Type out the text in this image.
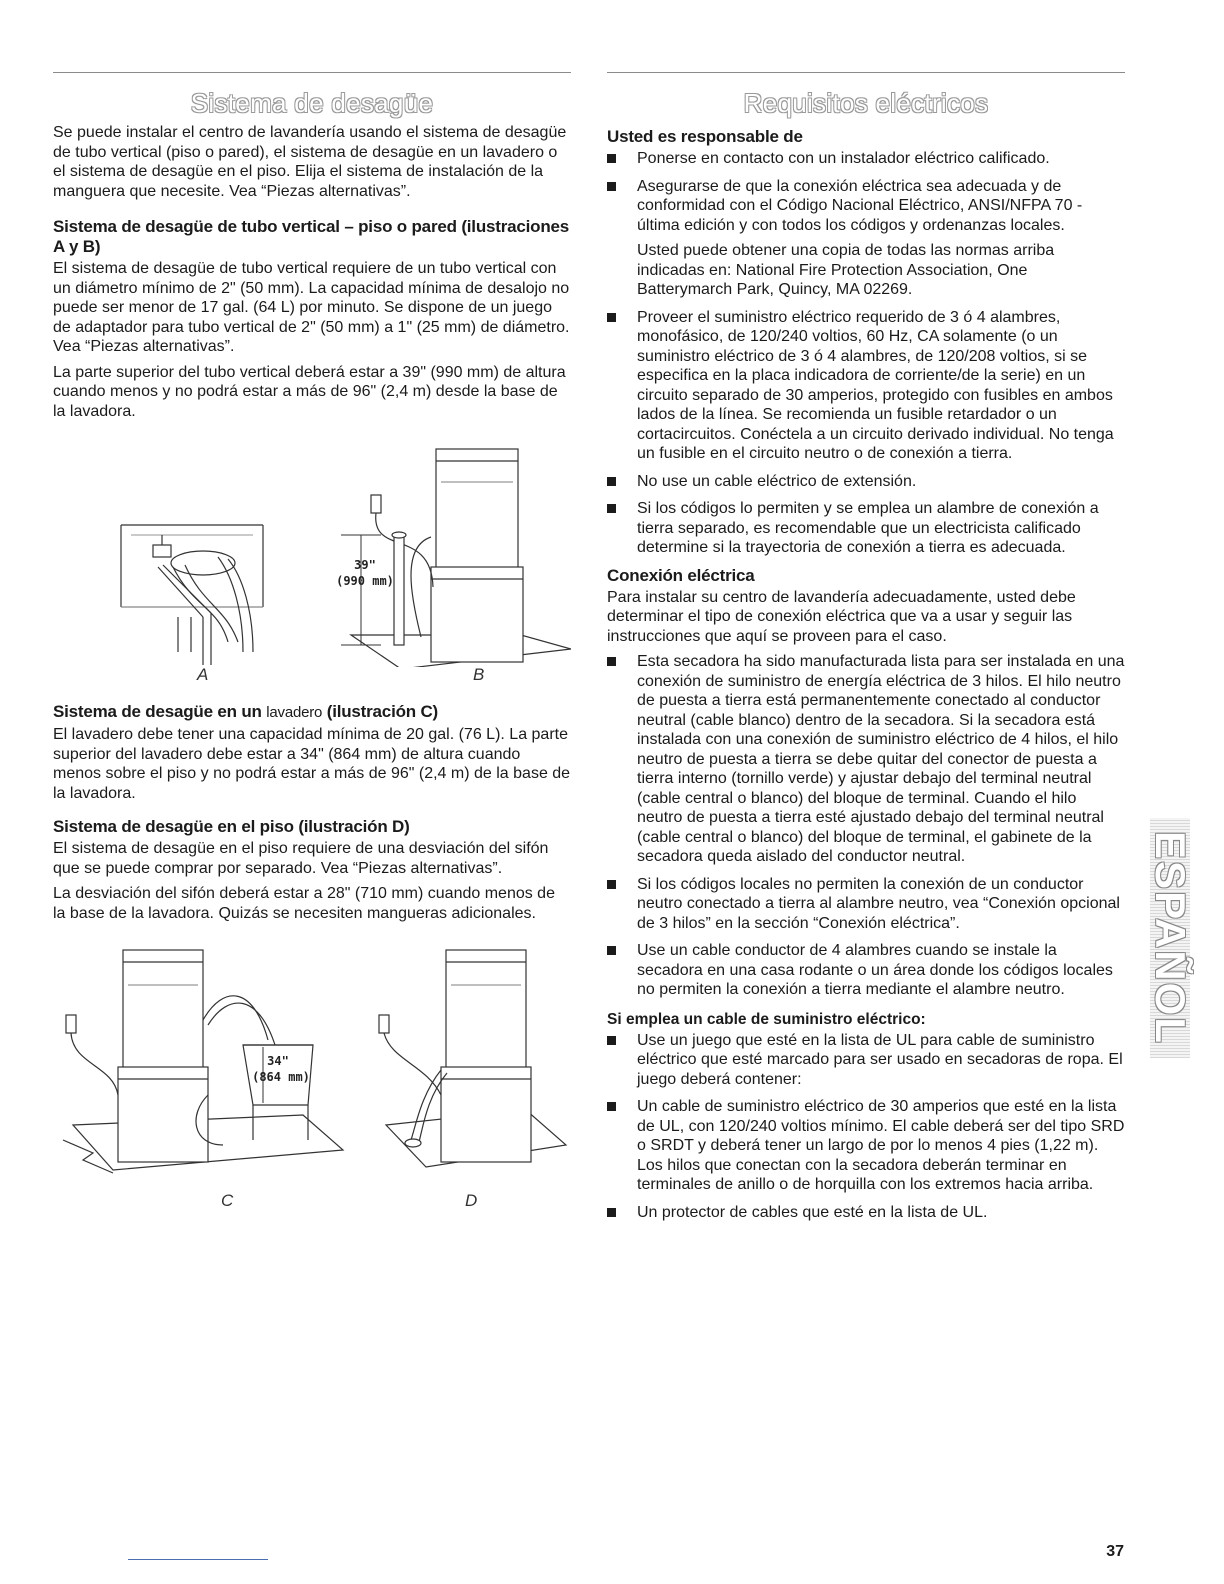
Sistema de desagüe

Se puede instalar el centro de lavandería usando el sistema de desagüe de tubo vertical (piso o pared), el sistema de desagüe en un lavadero o el sistema de desagüe en el piso. Elija el sistema de instalación de la manguera que necesite. Vea “Piezas alternativas”.

Sistema de desagüe de tubo vertical – piso o pared (ilustraciones A y B)

El sistema de desagüe de tubo vertical requiere de un tubo vertical con un diámetro mínimo de 2" (50 mm). La capacidad mínima de desalojo no puede ser menor de 17 gal. (64 L) por minuto. Se dispone de un juego de adaptador para tubo vertical de 2" (50 mm) a 1" (25 mm) de diámetro. Vea “Piezas alternativas”.

La parte superior del tubo vertical deberá estar a 39" (990 mm) de altura cuando menos y no podrá estar a más de 96" (2,4 m) desde la base de la lavadora.

A
39"
(990 mm)
B
Sistema de desagüe en un lavadero (ilustración C)

El lavadero debe tener una capacidad mínima de 20 gal. (76 L). La parte superior del lavadero debe estar a 34" (864 mm) de altura cuando menos sobre el piso y no podrá estar a más de 96" (2,4 m) de la base de la lavadora.

Sistema de desagüe en el piso (ilustración D)

El sistema de desagüe en el piso requiere de una desviación del sifón que se puede comprar por separado. Vea “Piezas alternativas”.

La desviación del sifón deberá estar a 28" (710 mm) cuando menos de la base de la lavadora. Quizás se necesiten mangueras adicionales.

34"
(864 mm)
C	D
Requisitos eléctricos
Usted es responsable de
Ponerse en contacto con un instalador eléctrico calificado.
Asegurarse de que la conexión eléctrica sea adecuada y de conformidad con el Código Nacional Eléctrico, ANSI/NFPA 70 - última edición y con todos los códigos y ordenanzas locales.

Usted puede obtener una copia de todas las normas arriba indicadas en: National Fire Protection Association, One Batterymarch Park, Quincy, MA 02269.

Proveer el suministro eléctrico requerido de 3 ó 4 alambres, monofásico, de 120/240 voltios, 60 Hz, CA solamente (o un suministro eléctrico de 3 ó 4 alambres, de 120/208 voltios, si se especifica en la placa indicadora de corriente/de la serie) en un circuito separado de 30 amperios, protegido con fusibles en ambos lados de la línea. Se recomienda un fusible retardador o un cortacircuitos. Conéctela a un circuito derivado individual. No tenga un fusible en el circuito neutro o de conexión a tierra.
No use un cable eléctrico de extensión.
Si los códigos lo permiten y se emplea un alambre de conexión a tierra separado, es recomendable que un electricista calificado determine si la trayectoria de conexión a tierra es adecuada.
Conexión eléctrica

Para instalar su centro de lavandería adecuadamente, usted debe determinar el tipo de conexión eléctrica que va a usar y seguir las instrucciones que aquí se proveen para el caso.

Esta secadora ha sido manufacturada lista para ser instalada en una conexión de suministro de energía eléctrica de 3 hilos. El hilo neutro de puesta a tierra está permanentemente conectado al conductor neutral (cable blanco) dentro de la secadora. Si la secadora está instalada con una conexión de suministro eléctrico de 4 hilos, el hilo neutro de puesta a tierra se debe quitar del conector de puesta a tierra interno (tornillo verde) y ajustar debajo del terminal neutral (cable central o blanco) del bloque de terminal. Cuando el hilo neutro de puesta a tierra esté ajustado debajo del terminal neutral (cable central o blanco) del bloque de terminal, el gabinete de la secadora queda aislado del conductor neutral.
Si los códigos locales no permiten la conexión de un conductor neutro conectado a tierra al alambre neutro, vea “Conexión opcional de 3 hilos” en la sección “Conexión eléctrica”.
Use un cable conductor de 4 alambres cuando se instale la secadora en una casa rodante o un área donde los códigos locales no permiten la conexión a tierra mediante el alambre neutro.
Si emplea un cable de suministro eléctrico:
Use un juego que esté en la lista de UL para cable de suministro eléctrico que esté marcado para ser usado en secadoras de ropa. El juego deberá contener:
Un cable de suministro eléctrico de 30 amperios que esté en la lista de UL, con 120/240 voltios mínimo. El cable deberá ser del tipo SRD o SRDT y deberá tener un largo de por lo menos 4 pies (1,22 m). Los hilos que conectan con la secadora deberán terminar en terminales de anillo o de horquilla con los extremos hacia arriba.
Un protector de cables que esté en la lista de UL.
ESPAÑOL
37
